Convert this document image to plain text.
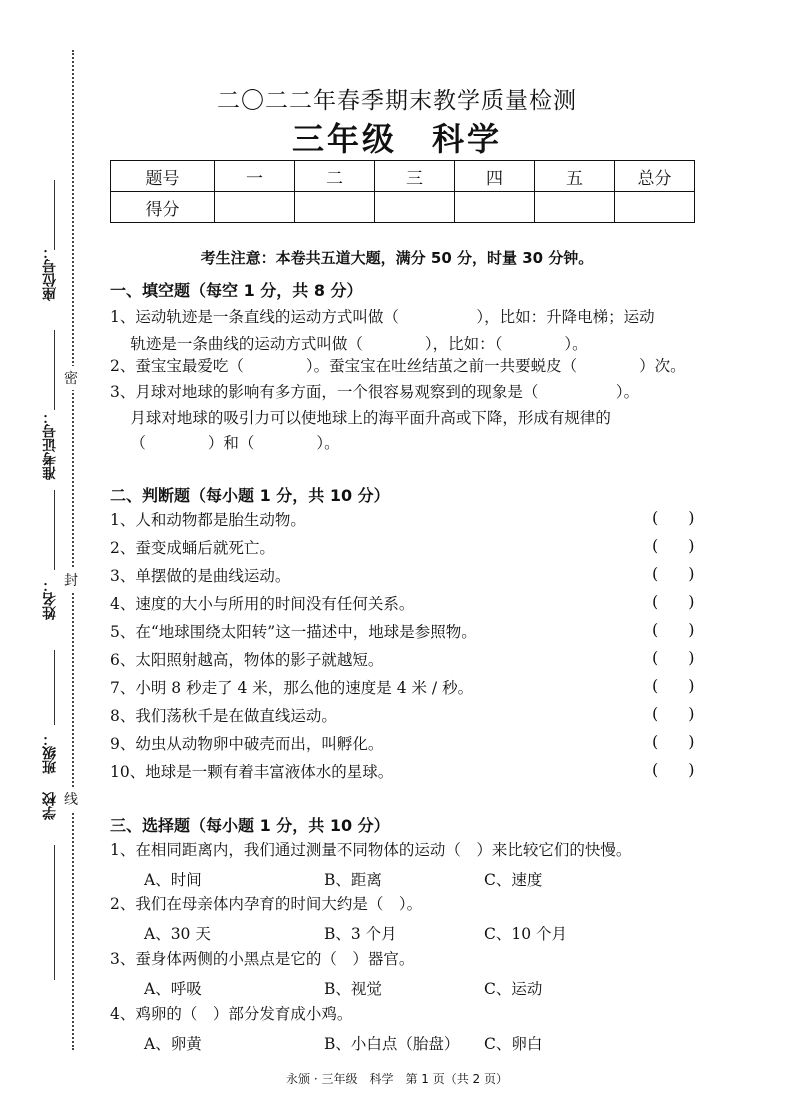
座位号：
准考证号：
姓名：
班级：
学校
密
封
线
二〇二二年春季期末教学质量检测
三年级　科学
题号	一	二	三	四	五	总分
得分						
考生注意：本卷共五道大题，满分 50 分，时量 30 分钟。
一、填空题（每空 1 分，共 8 分）
1、运动轨迹是一条直线的运动方式叫做（　　　　　），比如：升降电梯；运动
　 轨迹是一条曲线的运动方式叫做（　　　　），比如：（　　　　）。
2、蚕宝宝最爱吃（　　　　）。蚕宝宝在吐丝结茧之前一共要蜕皮（　　　　）次。
3、月球对地球的影响有多方面，一个很容易观察到的现象是（　　　　　）。
　 月球对地球的吸引力可以使地球上的海平面升高或下降，形成有规律的
　 （　　　　）和（　　　　）。
二、判断题（每小题 1 分，共 10 分）
1、人和动物都是胎生动物。	()
2、蚕变成蛹后就死亡。	()
3、单摆做的是曲线运动。	()
4、速度的大小与所用的时间没有任何关系。	()
5、在“地球围绕太阳转”这一描述中，地球是参照物。	()
6、太阳照射越高，物体的影子就越短。	()
7、小明 8 秒走了 4 米，那么他的速度是 4 米 / 秒。	()
8、我们荡秋千是在做直线运动。	()
9、幼虫从动物卵中破壳而出，叫孵化。	()
10、地球是一颗有着丰富液体水的星球。	()
三、选择题（每小题 1 分，共 10 分）
1、在相同距离内，我们通过测量不同物体的运动（　）来比较它们的快慢。
A、时间	B、距离	C、速度
2、我们在母亲体内孕育的时间大约是（　）。
A、30 天	B、3 个月	C、10 个月
3、蚕身体两侧的小黑点是它的（　）器官。
A、呼吸	B、视觉	C、运动
4、鸡卵的（　）部分发育成小鸡。
A、卵黄	B、小白点（胎盘） C、卵白
永颁 · 三年级　科学　第 1 页（共 2 页）
